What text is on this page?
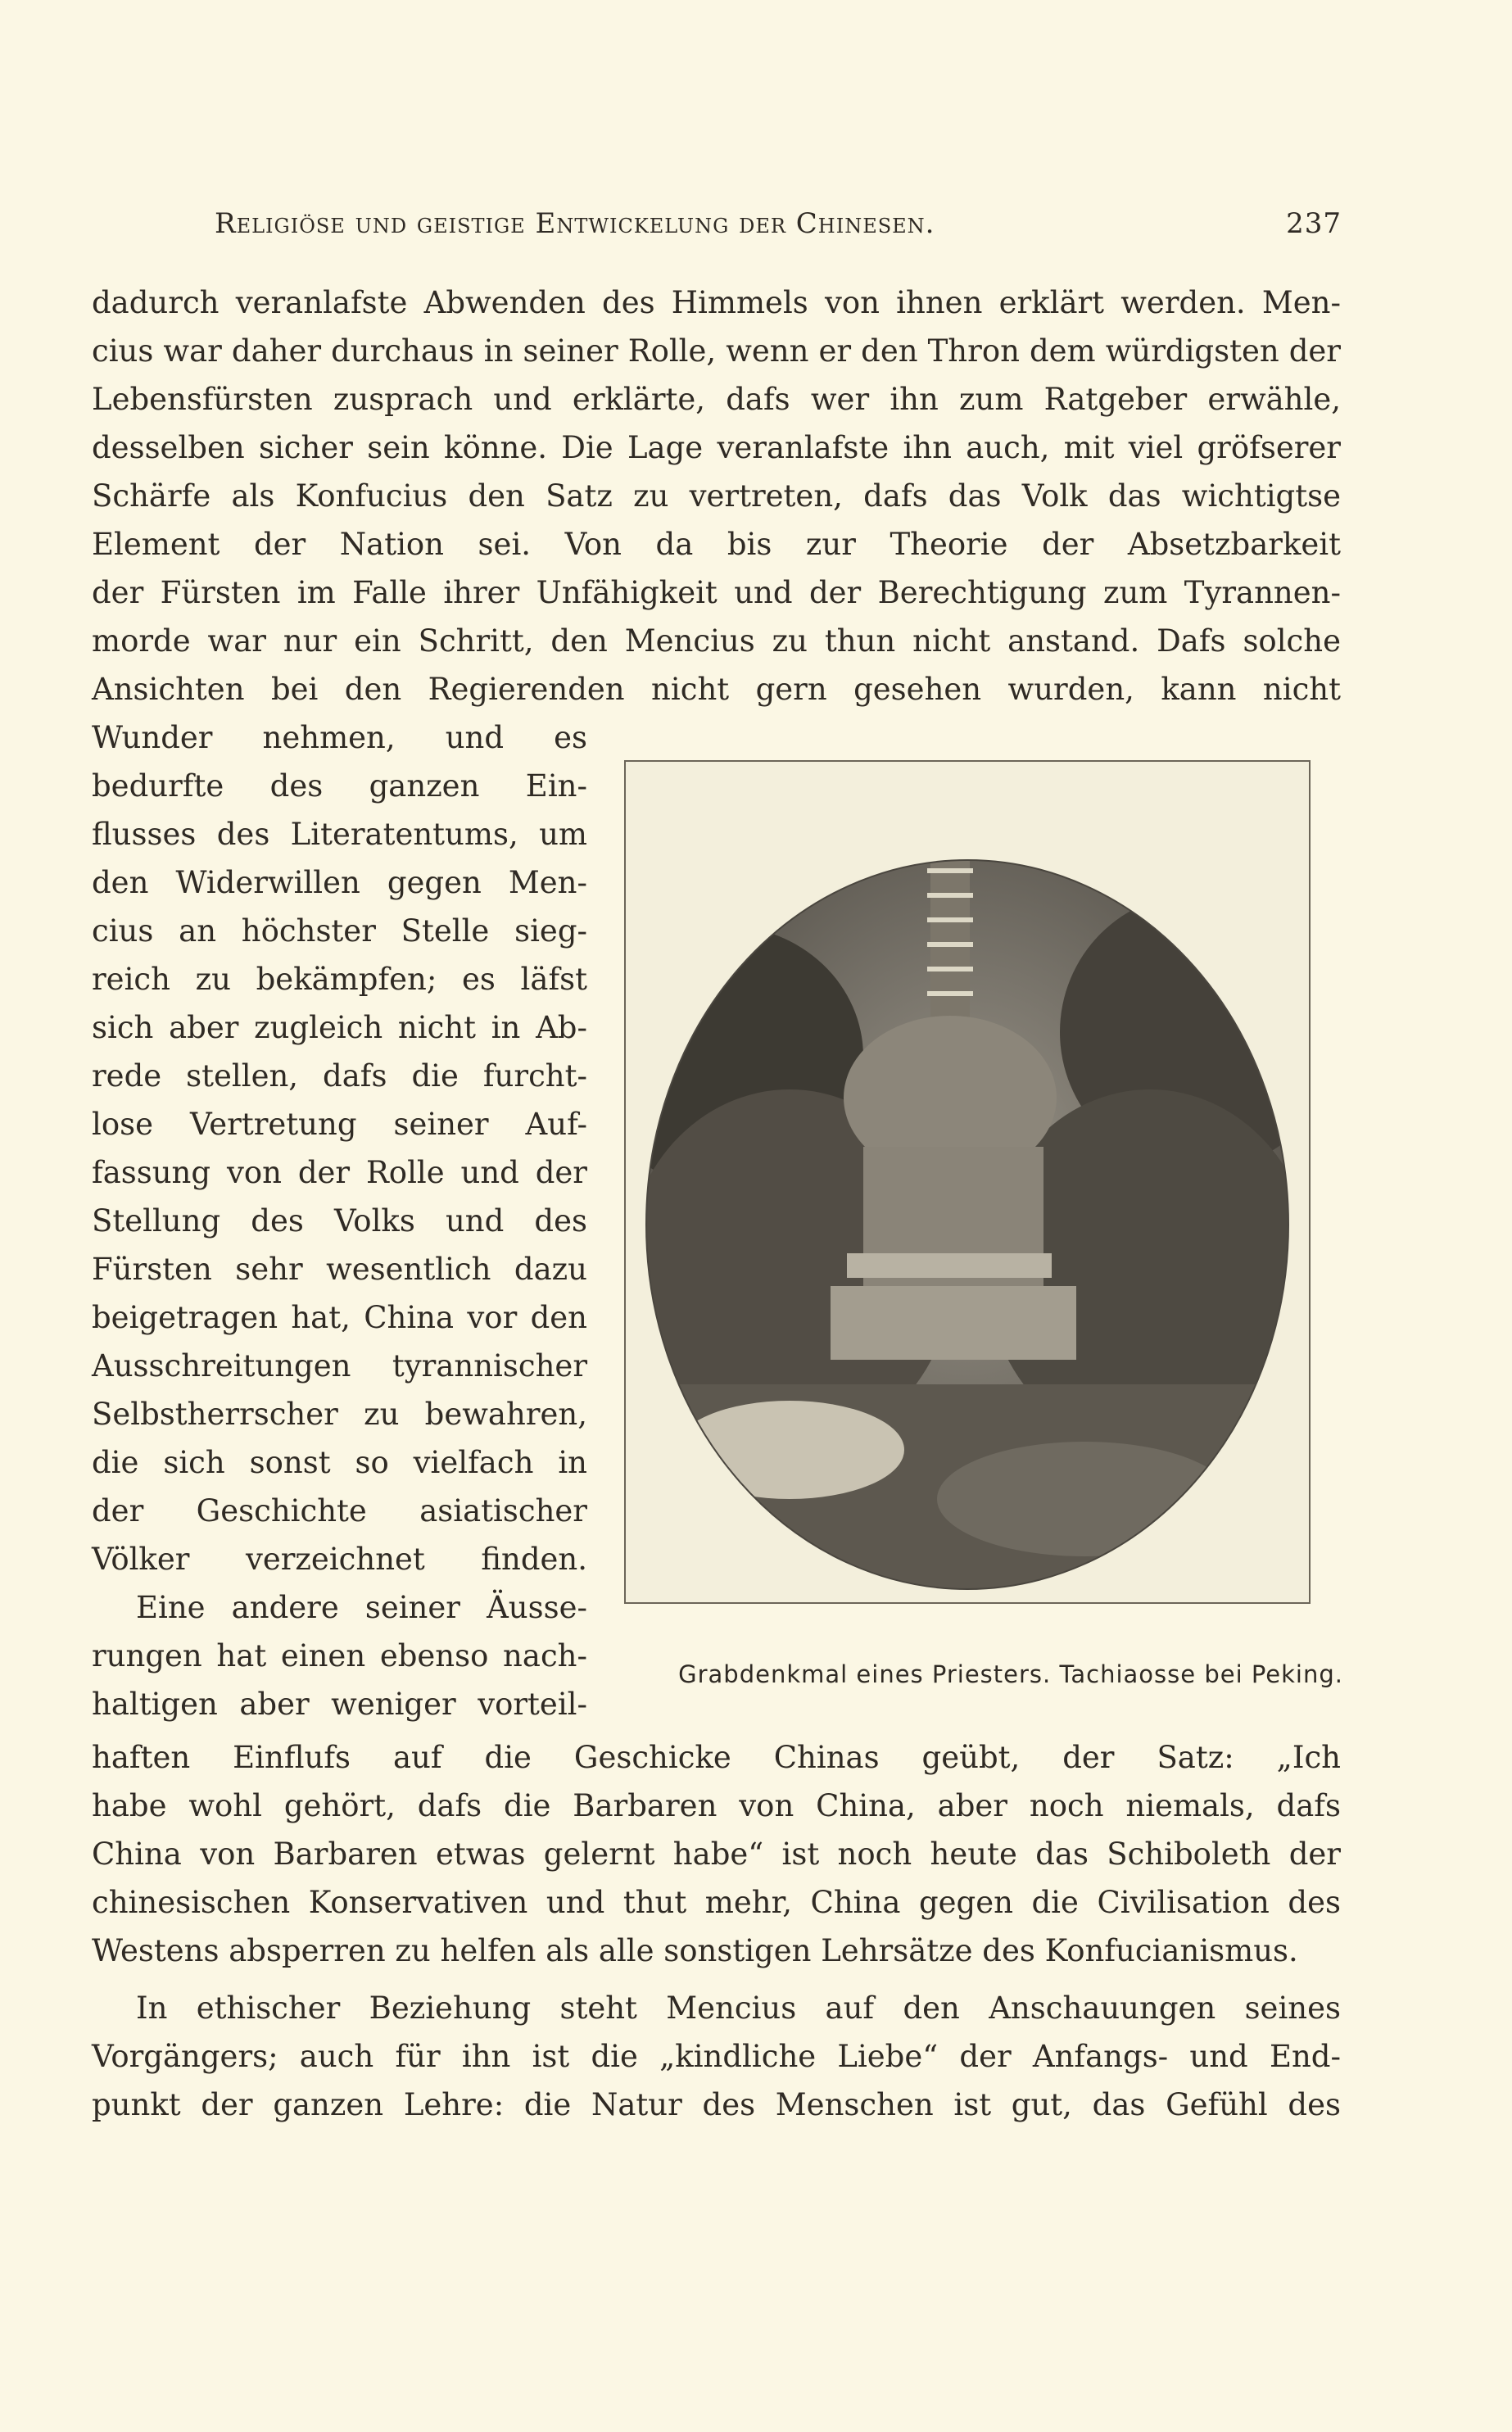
Religiöse und geistige Entwickelung der Chinesen.	237
dadurch veranlafste Abwenden des Himmels von ihnen erklärt werden. Men-
cius war daher durchaus in seiner Rolle, wenn er den Thron dem würdigsten der
Lebensfürsten zusprach und erklärte, dafs wer ihn zum Ratgeber erwähle,
desselben sicher sein könne. Die Lage veranlafste ihn auch, mit viel gröfserer
Schärfe als Konfucius den Satz zu vertreten, dafs das Volk das wichtigtse
Element der Nation sei. Von da bis zur Theorie der Absetzbarkeit
der Fürsten im Falle ihrer Unfähigkeit und der Berechtigung zum Tyrannen-
morde war nur ein Schritt, den Mencius zu thun nicht anstand. Dafs solche
Ansichten bei den Regierenden nicht gern gesehen wurden, kann nicht
Wunder nehmen, und es
bedurfte des ganzen Ein-
flusses des Literatentums, um
den Widerwillen gegen Men-
cius an höchster Stelle sieg-
reich zu bekämpfen; es läfst
sich aber zugleich nicht in Ab-
rede stellen, dafs die furcht-
lose Vertretung seiner Auf-
fassung von der Rolle und der
Stellung des Volks und des
Fürsten sehr wesentlich dazu
beigetragen hat, China vor den
Ausschreitungen tyrannischer
Selbstherrscher zu bewahren,
die sich sonst so vielfach in
der Geschichte asiatischer
Völker verzeichnet finden.
Eine andere seiner Äusse-
rungen hat einen ebenso nach-
haltigen aber weniger vorteil-
haften Einflufs auf die Geschicke Chinas geübt, der Satz: „Ich
habe wohl gehört, dafs die Barbaren von China, aber noch niemals, dafs
China von Barbaren etwas gelernt habe“ ist noch heute das Schiboleth der
chinesischen Konservativen und thut mehr, China gegen die Civilisation des
Westens absperren zu helfen als alle sonstigen Lehrsätze des Konfucianismus.
In ethischer Beziehung steht Mencius auf den Anschauungen seines
Vorgängers; auch für ihn ist die „kindliche Liebe“ der Anfangs- und End-
punkt der ganzen Lehre: die Natur des Menschen ist gut, das Gefühl des
Grabdenkmal eines Priesters. Tachiaosse bei Peking.
